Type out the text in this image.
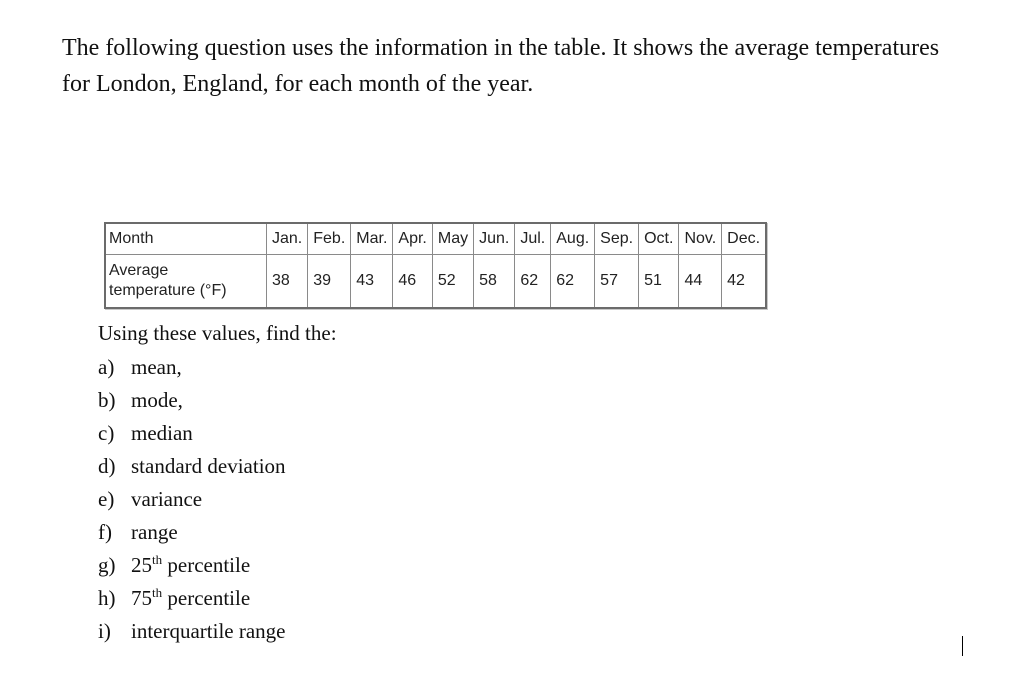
The following question uses the information in the table. It shows the average temperatures for London, England, for each month of the year.

Month	Jan.	Feb.	Mar.	Apr.	May	Jun.	Jul.	Aug.	Sep.	Oct.	Nov.	Dec.
Average
temperature (°F)	38	39	43	46	52	58	62	62	57	51	44	42

Using these values, find the:

a) mean,
b) mode,
c) median
d) standard deviation
e) variance
f) range
g) 25th percentile
h) 75th percentile
i) interquartile range
